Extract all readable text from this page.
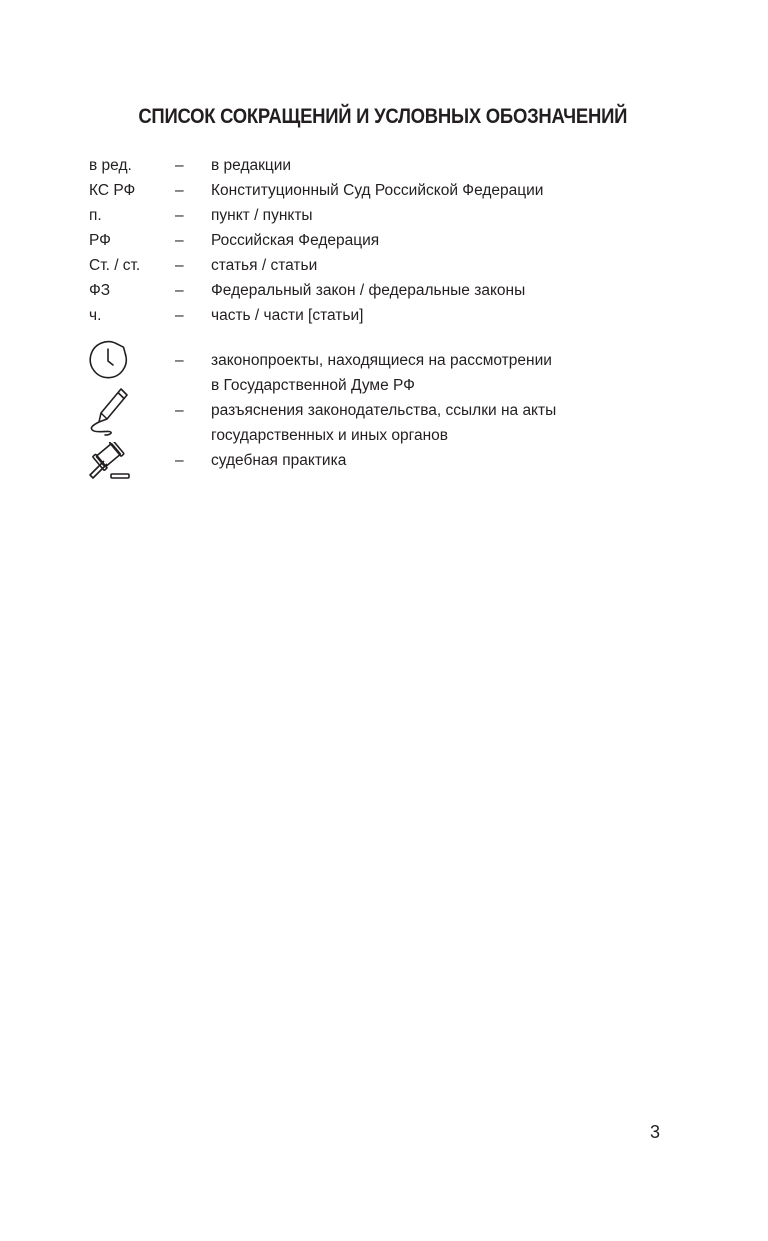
СПИСОК СОКРАЩЕНИЙ И УСЛОВНЫХ ОБОЗНАЧЕНИЙ
в ред.	– в редакции
КС РФ	– Конституционный Суд Российской Федерации
п.	– пункт / пункты
РФ	– Российская Федерация
Ст. / ст. – статья / статьи
ФЗ	– Федеральный закон / федеральные законы
ч.	– часть / части [статьи]
– законопроекты, находящиеся на рассмотрении
в Государственной Думе РФ
– разъяснения законодательства, ссылки на акты
государственных и иных органов
– судебная практика
3
